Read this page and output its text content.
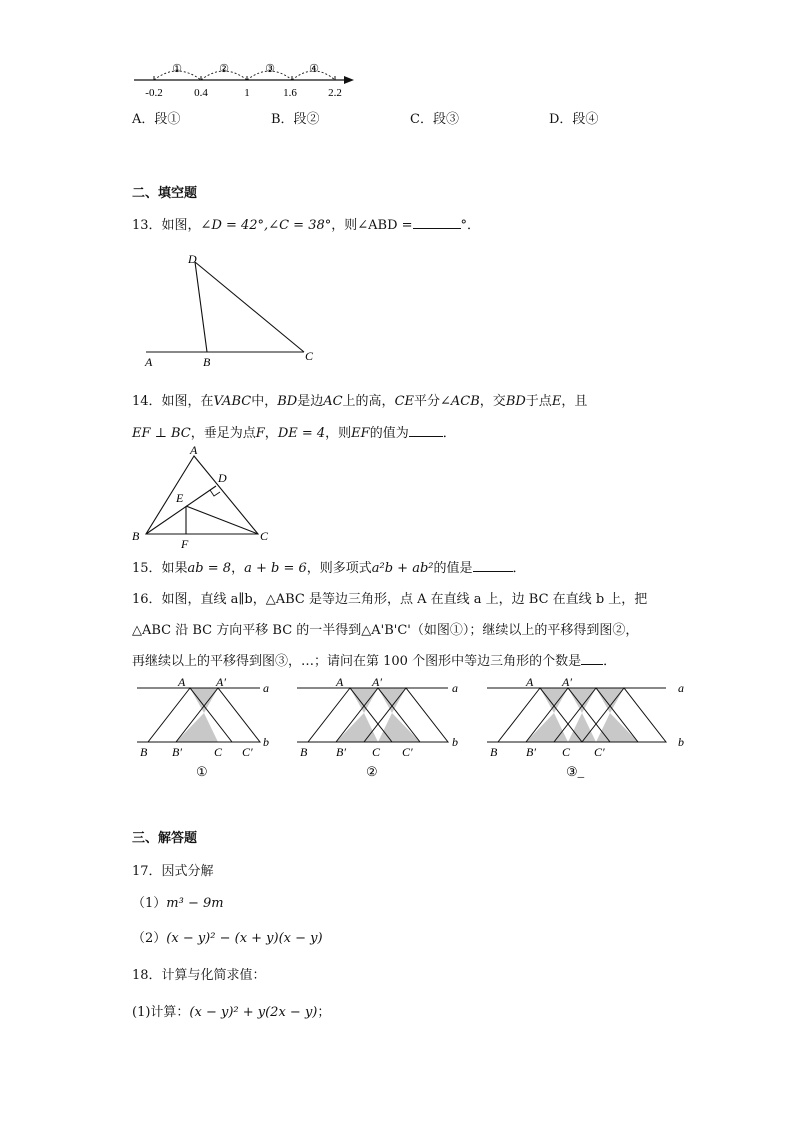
①	②	③	④
-0.2	0.4	1	1.6	2.2
A．段①	B．段②	C．段③	D．段④
二、填空题
13．如图，∠D = 42°,∠C = 38°，则∠ABD =	°．
D
A	B	C
14．如图，在VABC中，BD是边AC上的高，CE平分∠ACB，交BD于点E，且
EF ⊥ BC，垂足为点F，DE = 4，则EF的值为	．
A
B	C
D
E
F
15．如果ab = 8，a + b = 6，则多项式a²b + ab²的值是	．
16．如图，直线 a∥b，△ABC 是等边三角形，点 A 在直线 a 上，边 BC 在直线 b 上，把
△ABC 沿 BC 方向平移 BC 的一半得到△A'B'C'（如图①）；继续以上的平移得到图②，
再继续以上的平移得到图③，…；请问在第 100 个图形中等边三角形的个数是 ．
A	A′	a
b
B B′	C C′
①
A A′	a
b
B B′ C C′
②
A A′	a
b
B B′ C C′
③_
三、解答题
17．因式分解
（1）m³ − 9m
（2）(x − y)² − (x + y)(x − y)
18．计算与化简求值：
(1)计算：(x − y)² + y(2x − y)；
